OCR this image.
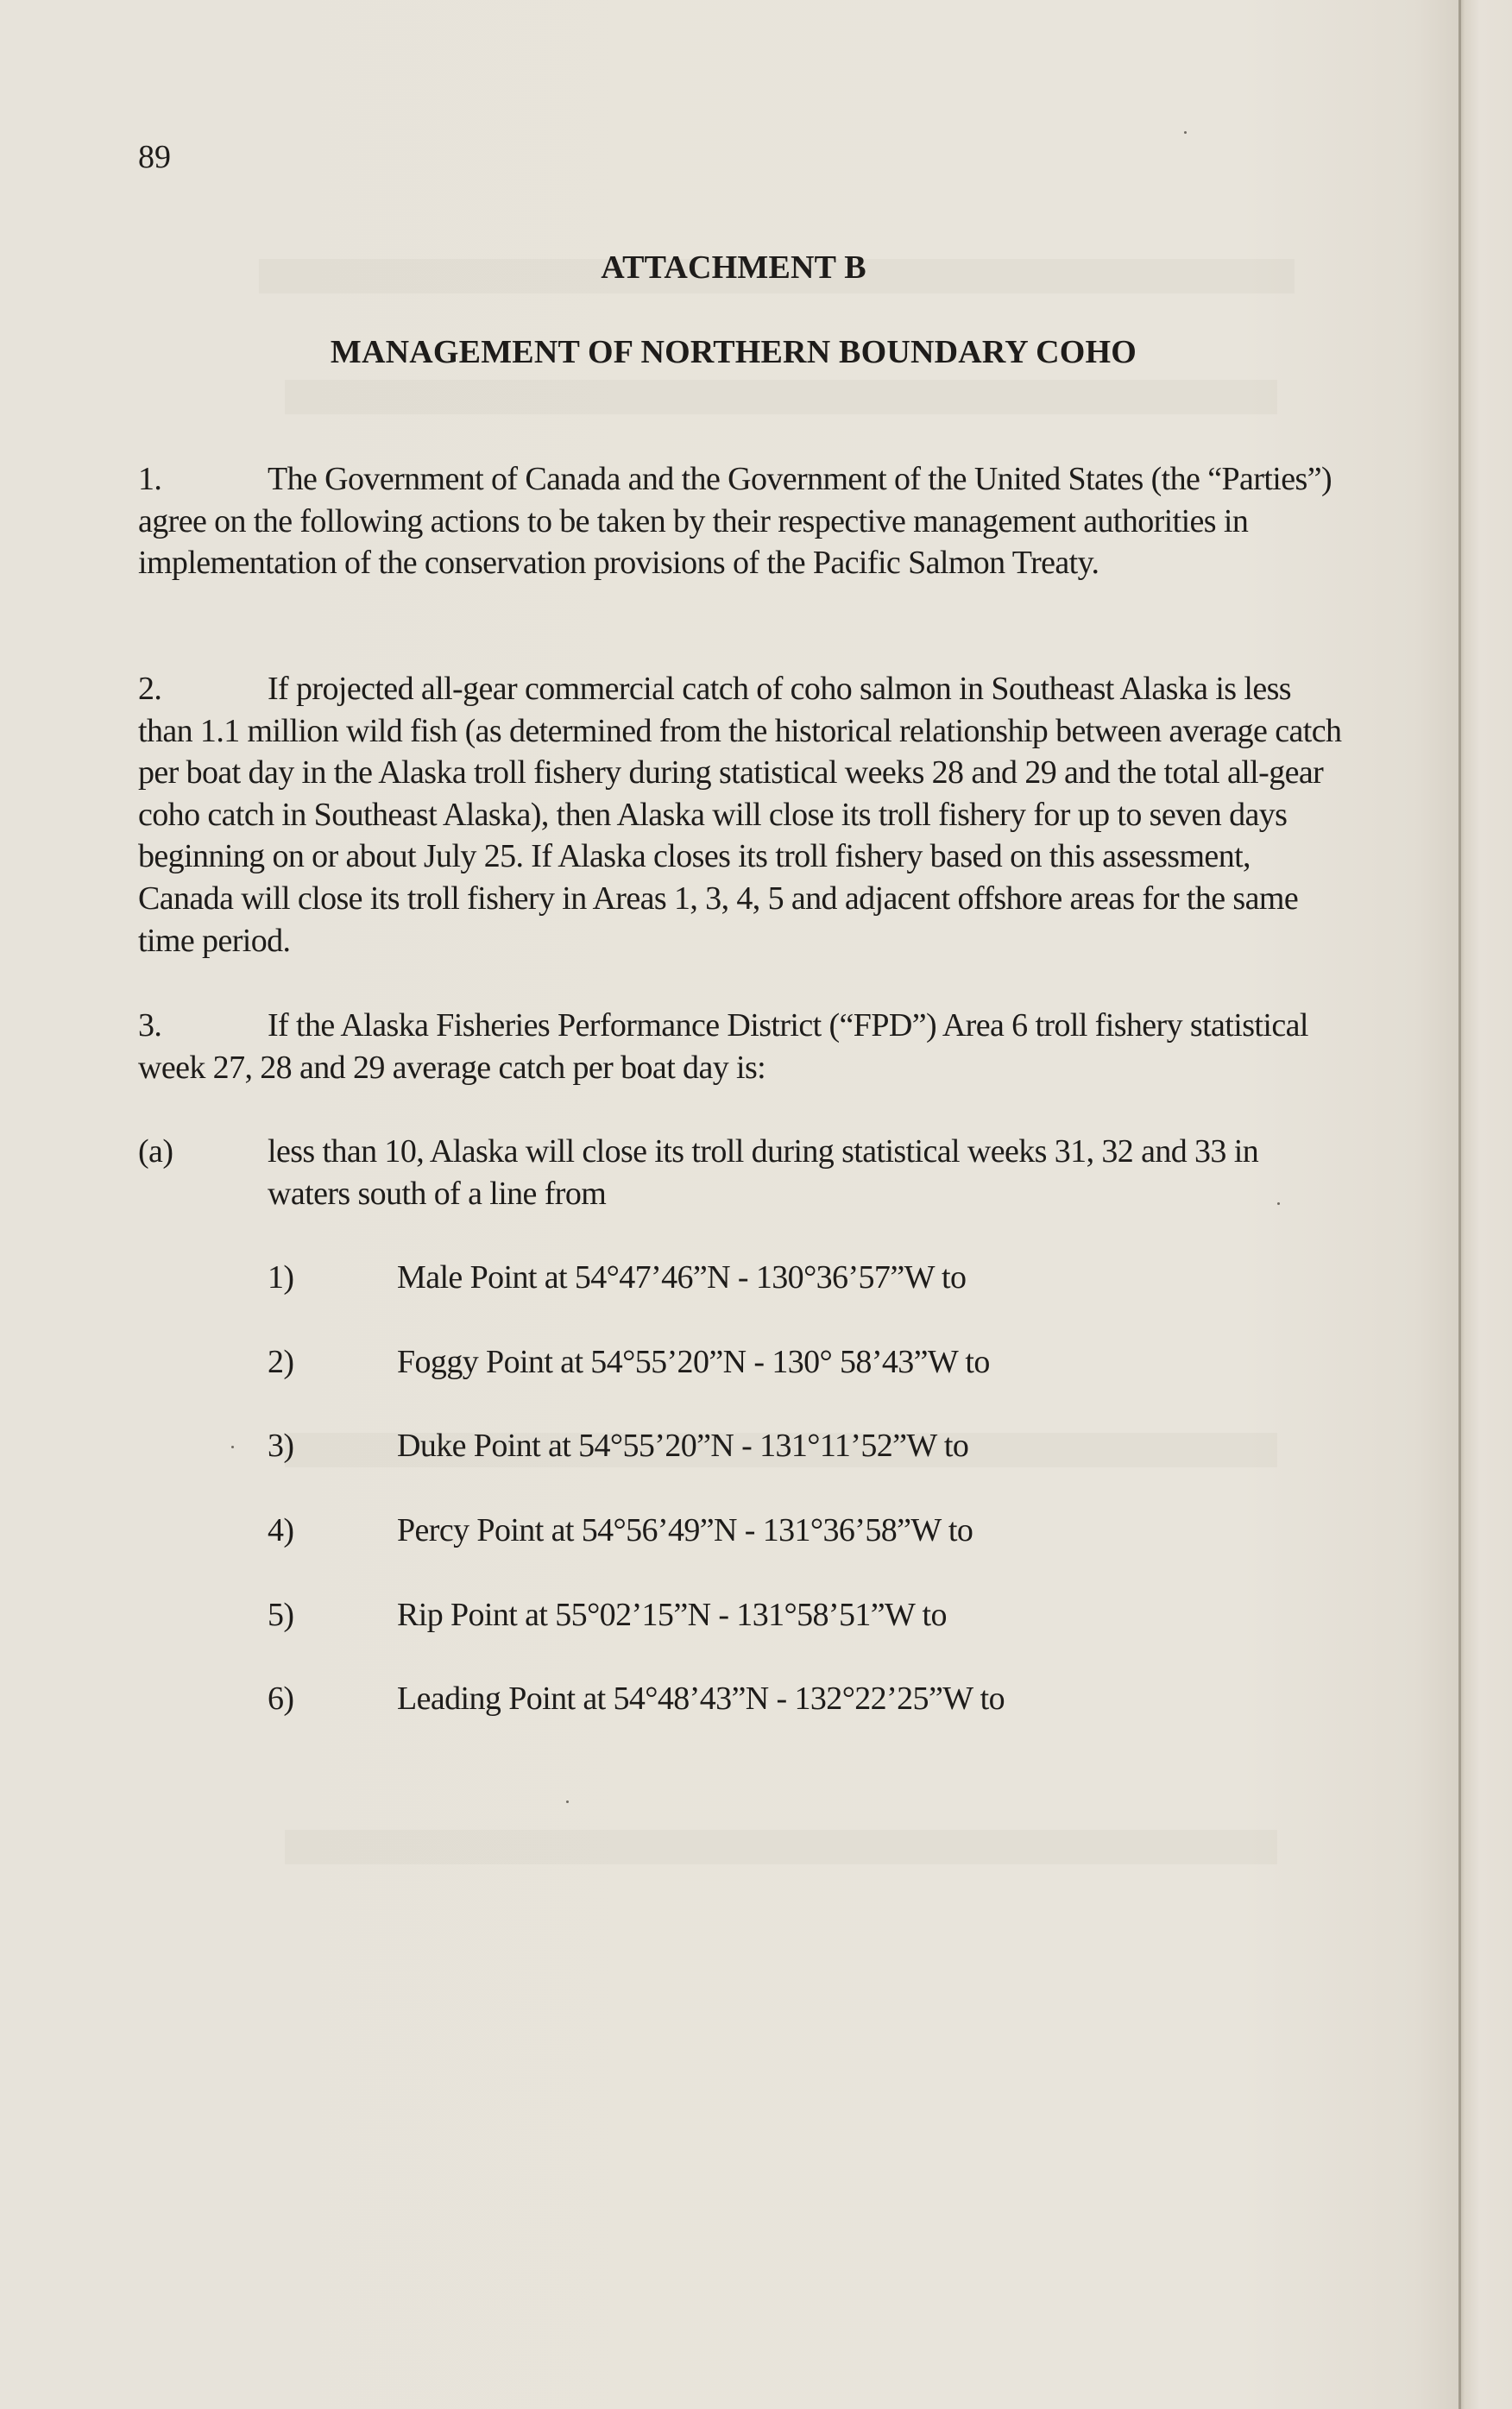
89
ATTACHMENT B
MANAGEMENT OF NORTHERN BOUNDARY COHO
1.	The Government of Canada and the Government of the United States (the “Parties”) agree on the following actions to be taken by their respective management authorities in implementation of the conservation provisions of the Pacific Salmon Treaty.
2.	If projected all-gear commercial catch of coho salmon in Southeast Alaska is less than 1.1 million wild fish (as determined from the historical relationship between average catch per boat day in the Alaska troll fishery during statistical weeks 28 and 29 and the total all-gear coho catch in Southeast Alaska), then Alaska will close its troll fishery for up to seven days beginning on or about July 25. If Alaska closes its troll fishery based on this assessment, Canada will close its troll fishery in Areas 1, 3, 4, 5 and adjacent offshore areas for the same time period.
3.	If the Alaska Fisheries Performance District (“FPD”) Area 6 troll fishery statistical week 27, 28 and 29 average catch per boat day is:
(a)	less than 10, Alaska will close its troll during statistical weeks 31, 32 and 33 in waters south of a line from
1)	Male Point at 54°47’46”N - 130°36’57”W to
2)	Foggy Point at 54°55’20”N - 130° 58’43”W to
3)	Duke Point at 54°55’20”N - 131°11’52”W to
4)	Percy Point at 54°56’49”N - 131°36’58”W to
5)	Rip Point at 55°02’15”N - 131°58’51”W to
6)	Leading Point at 54°48’43”N - 132°22’25”W to
